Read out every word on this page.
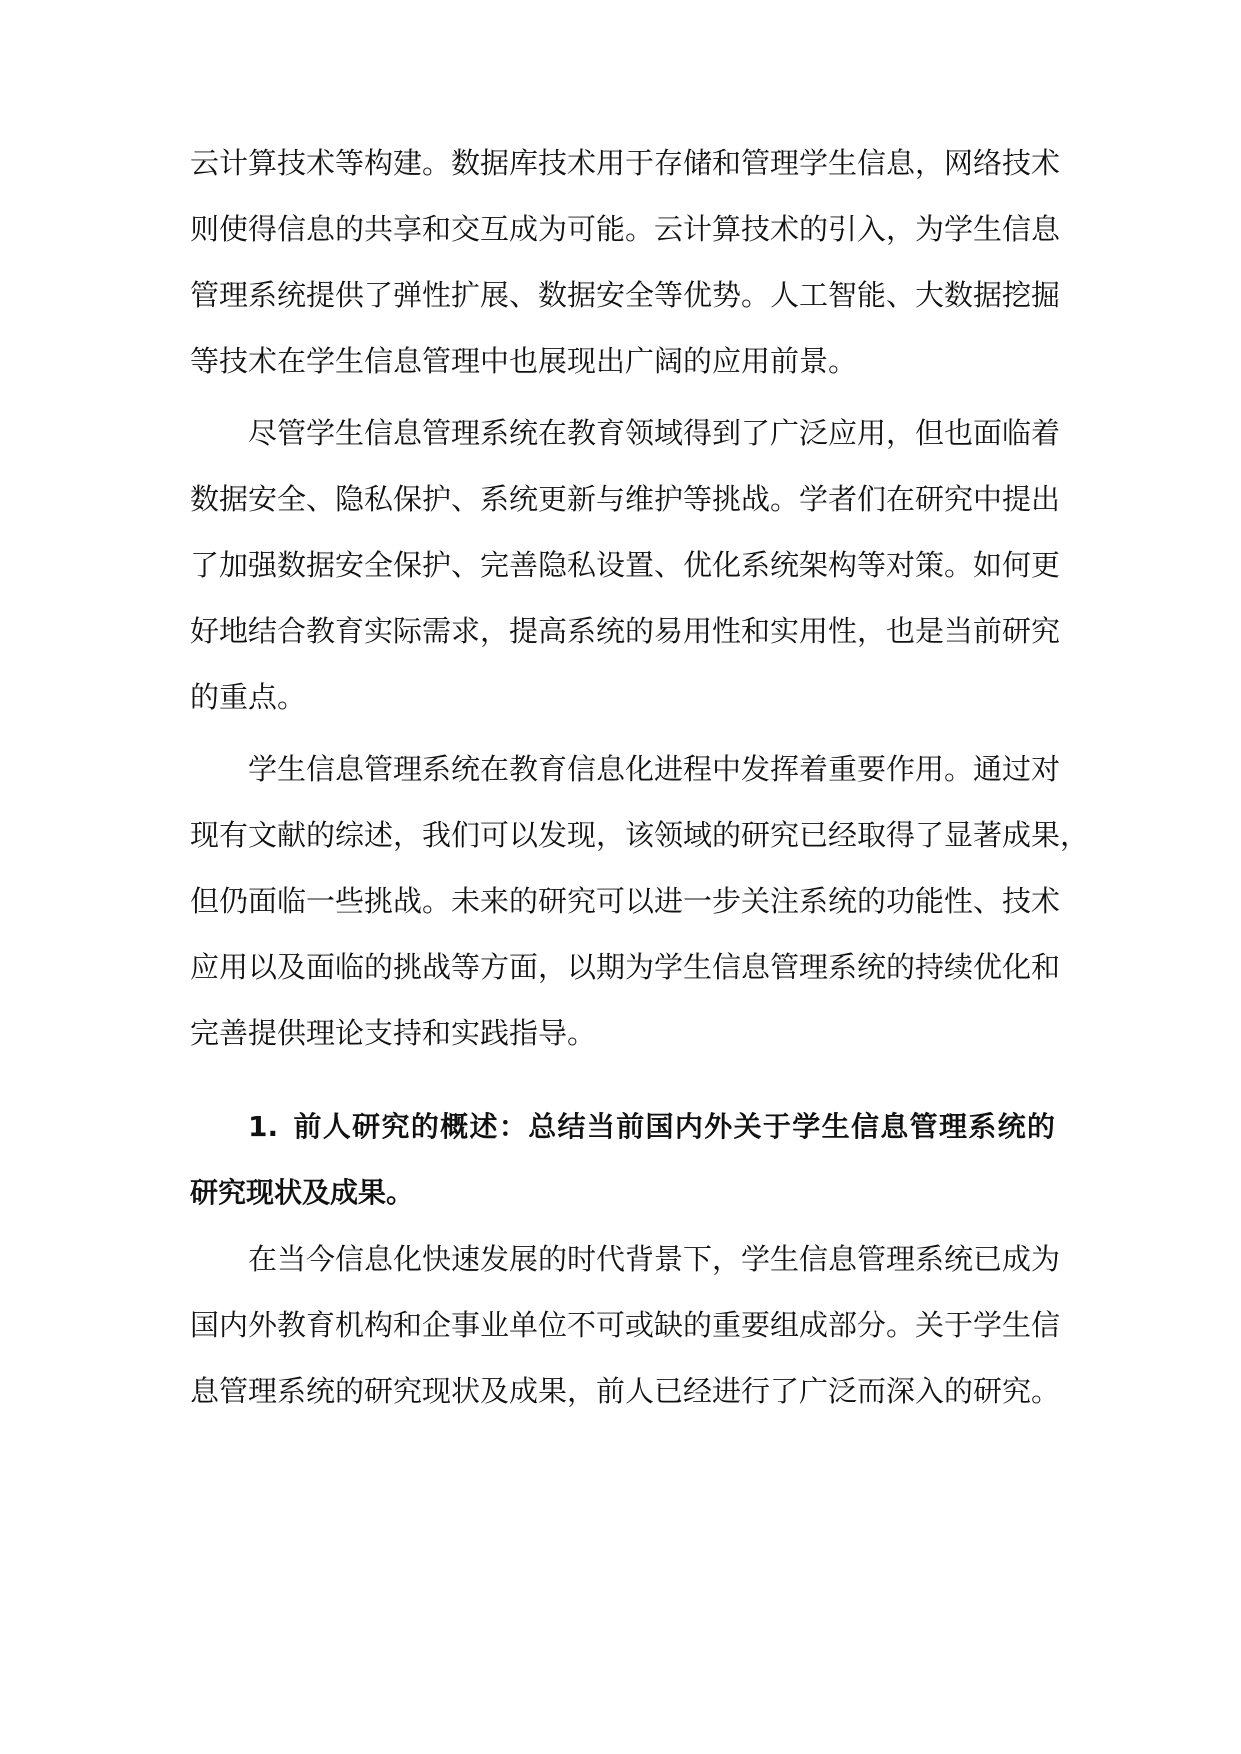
云计算技术等构建。数据库技术用于存储和管理学生信息，网络技术
则使得信息的共享和交互成为可能。云计算技术的引入，为学生信息
管理系统提供了弹性扩展、数据安全等优势。人工智能、大数据挖掘
等技术在学生信息管理中也展现出广阔的应用前景。
尽管学生信息管理系统在教育领域得到了广泛应用，但也面临着
数据安全、隐私保护、系统更新与维护等挑战。学者们在研究中提出
了加强数据安全保护、完善隐私设置、优化系统架构等对策。如何更
好地结合教育实际需求，提高系统的易用性和实用性，也是当前研究
的重点。
学生信息管理系统在教育信息化进程中发挥着重要作用。通过对
现有文献的综述，我们可以发现，该领域的研究已经取得了显著成果，
但仍面临一些挑战。未来的研究可以进一步关注系统的功能性、技术
应用以及面临的挑战等方面，以期为学生信息管理系统的持续优化和
完善提供理论支持和实践指导。
1. 前人研究的概述：总结当前国内外关于学生信息管理系统的
研究现状及成果。
在当今信息化快速发展的时代背景下，学生信息管理系统已成为
国内外教育机构和企事业单位不可或缺的重要组成部分。关于学生信
息管理系统的研究现状及成果，前人已经进行了广泛而深入的研究。
